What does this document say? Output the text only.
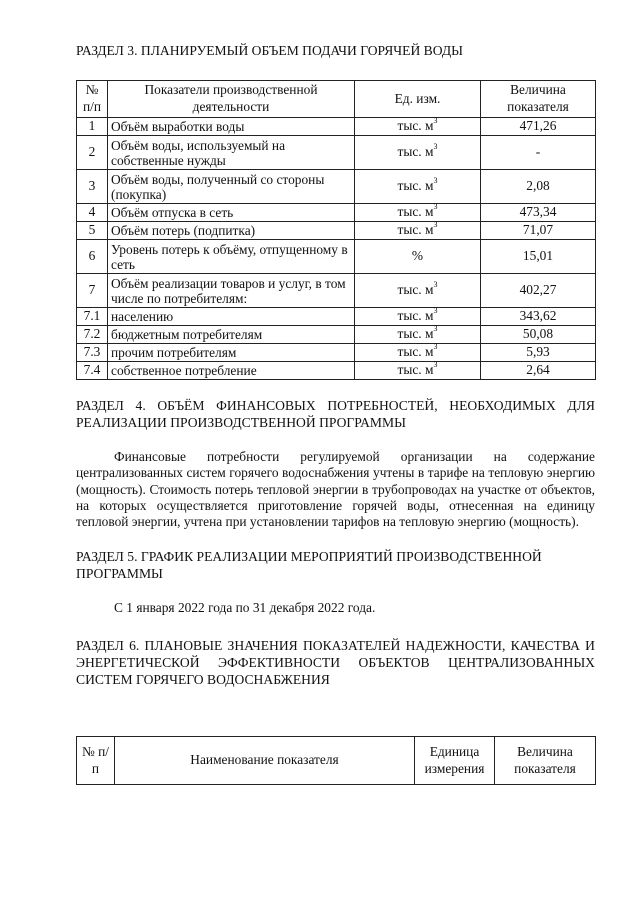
РАЗДЕЛ 3. ПЛАНИРУЕМЫЙ ОБЪЕМ ПОДАЧИ ГОРЯЧЕЙ ВОДЫ
№ п/п	Показатели производственной деятельности	Ед. изм.	Величина показателя
1	Объём выработки воды	тыс. $м^3$	471,26
2	Объём воды, используемый на собственные нужды	тыс. $м^3$	-
3	Объём воды, полученный со стороны (покупка)	тыс. $м^3$	2,08
4	Объём отпуска в сеть	тыс. $м^3$	473,34
5	Объём потерь (подпитка)	тыс. $м^3$	71,07
6	Уровень потерь к объёму, отпущенному в сеть	%	15,01
7	Объём реализации товаров и услуг, в том числе по потребителям:	тыс. $м^3$	402,27
7.1	населению	тыс. $м^3$	343,62
7.2	бюджетным потребителям	тыс. $м^3$	50,08
7.3	прочим потребителям	тыс. $м^3$	5,93
7.4	собственное потребление	тыс. $м^3$	2,64
РАЗДЕЛ 4. ОБЪЁМ ФИНАНСОВЫХ ПОТРЕБНОСТЕЙ, НЕОБХОДИМЫХ ДЛЯ РЕАЛИЗАЦИИ ПРОИЗВОДСТВЕННОЙ ПРОГРАММЫ

Финансовые потребности регулируемой организации на содержание централизованных систем горячего водоснабжения учтены в тарифе на тепловую энергию (мощность). Стоимость потерь тепловой энергии в трубопроводах на участке от объектов, на которых осуществляется приготовление горячей воды, отнесенная на единицу тепловой энергии, учтена при установлении тарифов на тепловую энергию (мощность).

РАЗДЕЛ 5. ГРАФИК РЕАЛИЗАЦИИ МЕРОПРИЯТИЙ ПРОИЗВОДСТВЕННОЙ ПРОГРАММЫ

С 1 января 2022 года по 31 декабря 2022 года.

РАЗДЕЛ 6. ПЛАНОВЫЕ ЗНАЧЕНИЯ ПОКАЗАТЕЛЕЙ НАДЕЖНОСТИ, КАЧЕСТВА И ЭНЕРГЕТИЧЕСКОЙ ЭФФЕКТИВНОСТИ ОБЪЕКТОВ ЦЕНТРАЛИЗОВАННЫХ СИСТЕМ ГОРЯЧЕГО ВОДОСНАБЖЕНИЯ
№ п/п	Наименование показателя	Единица измерения	Величина показателя
